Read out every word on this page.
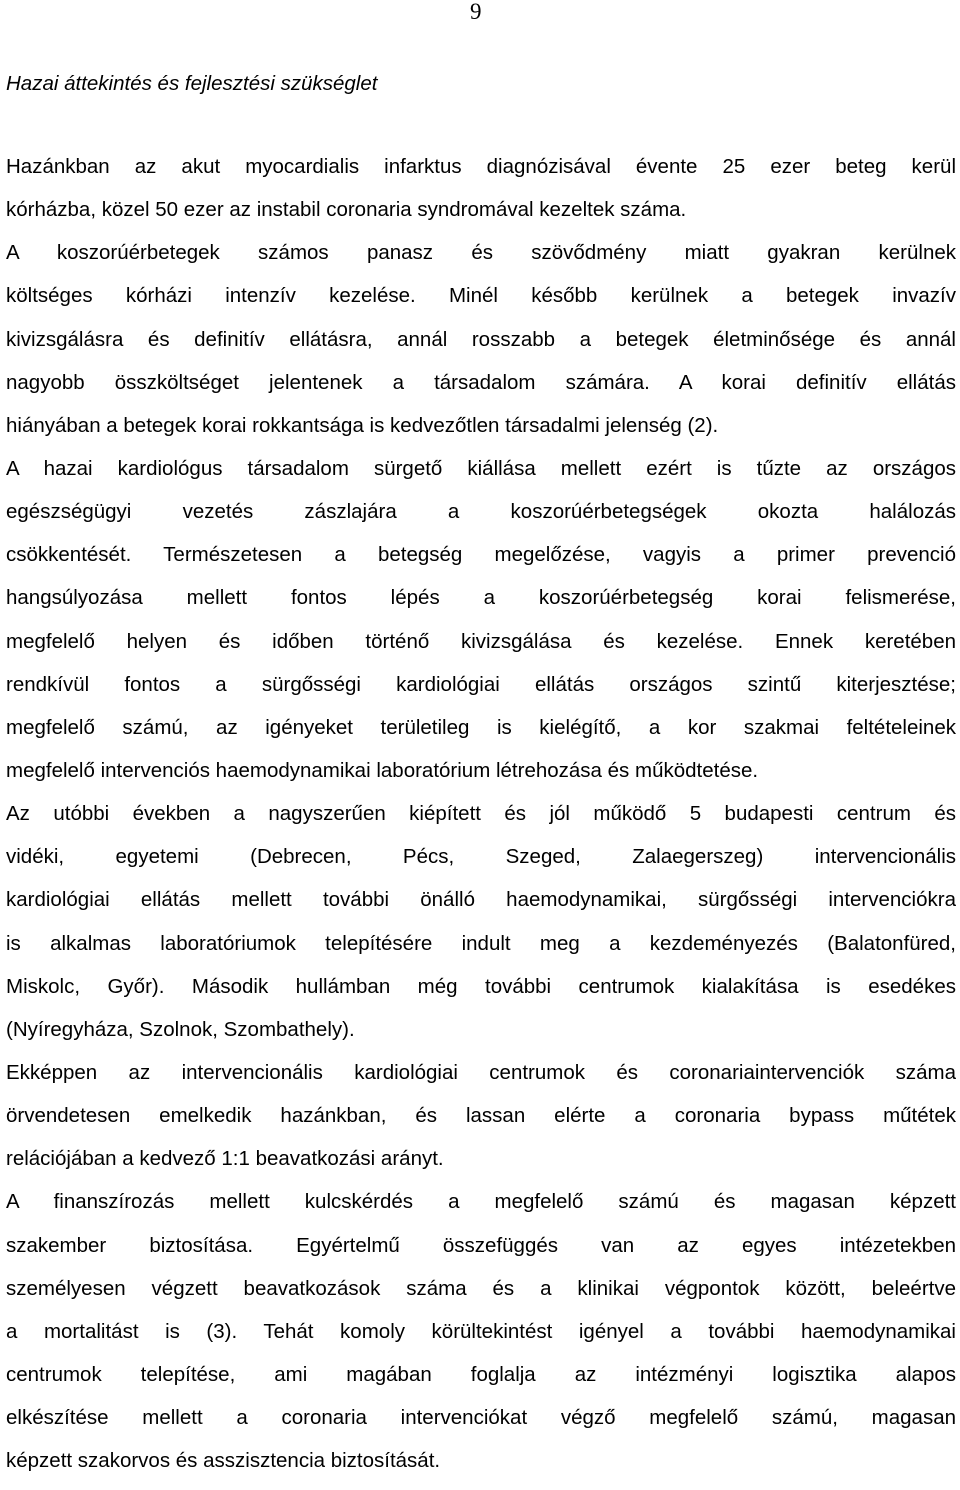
9
Hazai áttekintés és fejlesztési szükséglet
Hazánkban az akut myocardialis infarktus diagnózisával évente 25 ezer beteg kerül
kórházba, közel 50 ezer az instabil coronaria syndromával kezeltek száma.
A koszorúérbetegek számos panasz és szövődmény miatt gyakran kerülnek
költséges kórházi intenzív kezelése. Minél később kerülnek a betegek invazív
kivizsgálásra és definitív ellátásra, annál rosszabb a betegek életminősége és annál
nagyobb összköltséget jelentenek a társadalom számára. A korai definitív ellátás
hiányában a betegek korai rokkantsága is kedvezőtlen társadalmi jelenség (2).
A hazai kardiológus társadalom sürgető kiállása mellett ezért is tűzte az országos
egészségügyi vezetés zászlajára a koszorúérbetegségek okozta halálozás
csökkentését. Természetesen a betegség megelőzése, vagyis a primer prevenció
hangsúlyozása mellett fontos lépés a koszorúérbetegség korai felismerése,
megfelelő helyen és időben történő kivizsgálása és kezelése. Ennek keretében
rendkívül fontos a sürgősségi kardiológiai ellátás országos szintű kiterjesztése;
megfelelő számú, az igényeket területileg is kielégítő, a kor szakmai feltételeinek
megfelelő intervenciós haemodynamikai laboratórium létrehozása és működtetése.
Az utóbbi években a nagyszerűen kiépített és jól működő 5 budapesti centrum és
vidéki, egyetemi (Debrecen, Pécs, Szeged, Zalaegerszeg) intervencionális
kardiológiai ellátás mellett további önálló haemodynamikai, sürgősségi intervenciókra
is alkalmas laboratóriumok telepítésére indult meg a kezdeményezés (Balatonfüred,
Miskolc, Győr). Második hullámban még további centrumok kialakítása is esedékes
(Nyíregyháza, Szolnok, Szombathely).
Ekképpen az intervencionális kardiológiai centrumok és coronariaintervenciók száma
örvendetesen emelkedik hazánkban, és lassan elérte a coronaria bypass műtétek
relációjában a kedvező 1:1 beavatkozási arányt.
A finanszírozás mellett kulcskérdés a megfelelő számú és magasan képzett
szakember biztosítása. Egyértelmű összefüggés van az egyes intézetekben
személyesen végzett beavatkozások száma és a klinikai végpontok között, beleértve
a mortalitást is (3). Tehát komoly körültekintést igényel a további haemodynamikai
centrumok telepítése, ami magában foglalja az intézményi logisztika alapos
elkészítése mellett a coronaria intervenciókat végző megfelelő számú, magasan
képzett szakorvos és asszisztencia biztosítását.
